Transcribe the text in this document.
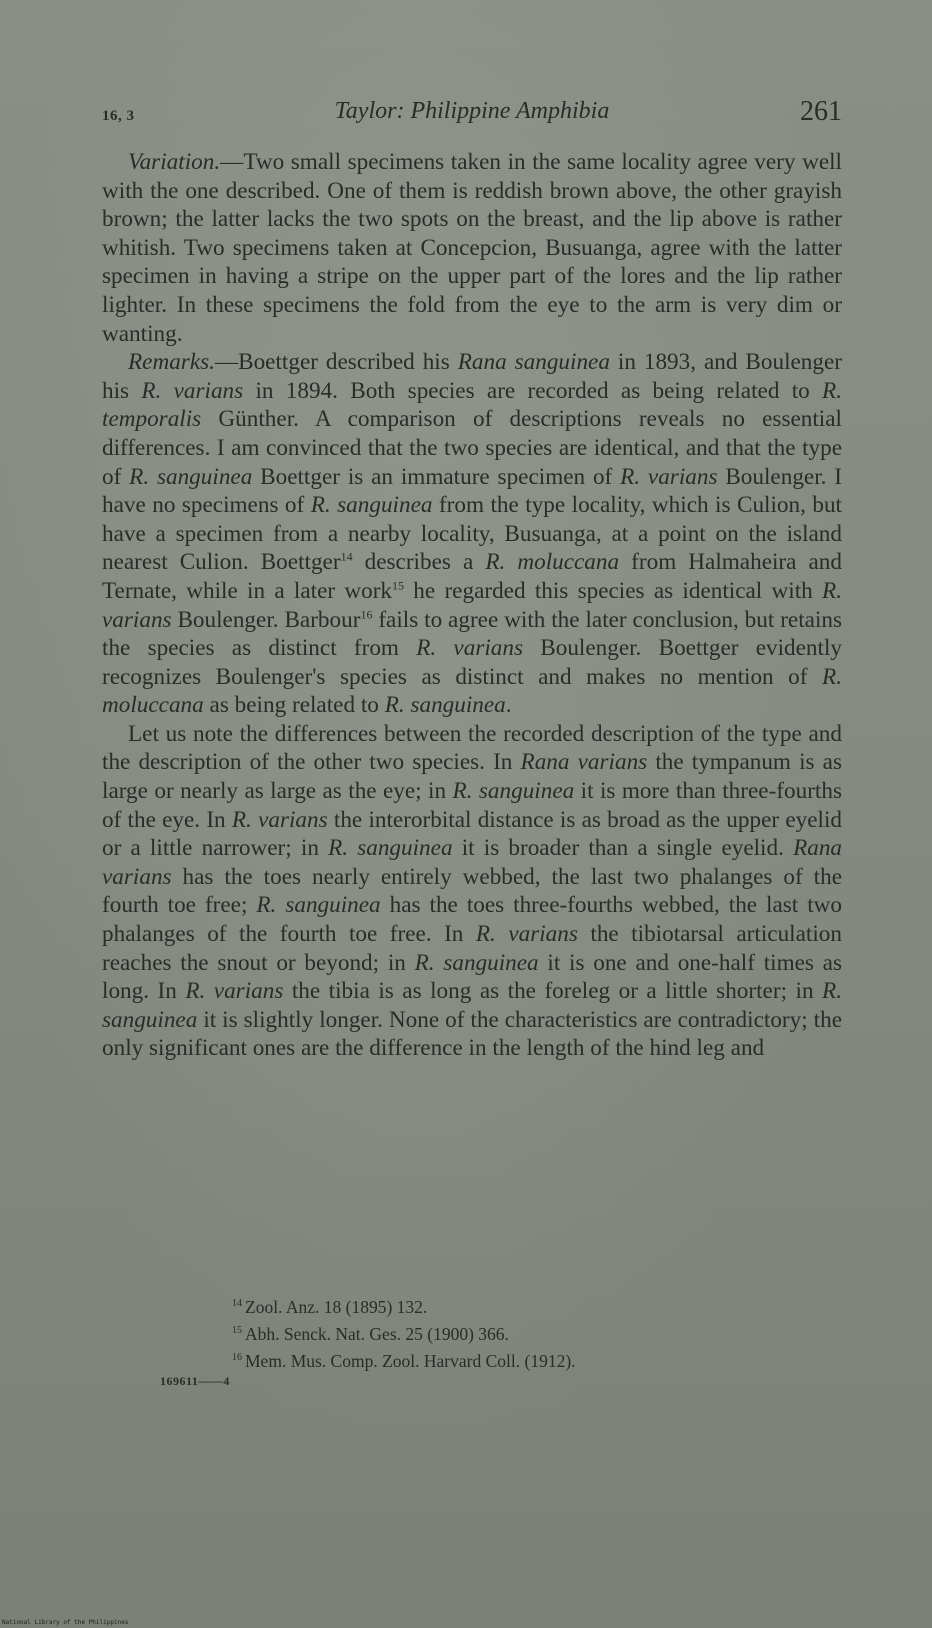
16, 3	Taylor: Philippine Amphibia	261

Variation.—Two small specimens taken in the same locality agree very well with the one described. One of them is reddish brown above, the other grayish brown; the latter lacks the two spots on the breast, and the lip above is rather whitish. Two specimens taken at Concepcion, Busuanga, agree with the latter specimen in having a stripe on the upper part of the lores and the lip rather lighter. In these specimens the fold from the eye to the arm is very dim or wanting.

Remarks.—Boettger described his Rana sanguinea in 1893, and Boulenger his R. varians in 1894. Both species are recorded as being related to R. temporalis Günther. A comparison of descriptions reveals no essential differences. I am convinced that the two species are identical, and that the type of R. sanguinea Boettger is an immature specimen of R. varians Boulenger. I have no specimens of R. sanguinea from the type locality, which is Culion, but have a specimen from a nearby locality, Busuanga, at a point on the island nearest Culion. Boettger$^{14}$ describes a R. moluccana from Halmaheira and Ternate, while in a later work$^{15}$ he regarded this species as identical with R. varians Boulenger. Barbour$^{16}$ fails to agree with the later conclusion, but retains the species as distinct from R. varians Boulenger. Boettger evidently recognizes Boulenger's species as distinct and makes no mention of R. moluccana as being related to R. sanguinea.

Let us note the differences between the recorded description of the type and the description of the other two species. In Rana varians the tympanum is as large or nearly as large as the eye; in R. sanguinea it is more than three-fourths of the eye. In R. varians the interorbital distance is as broad as the upper eyelid or a little narrower; in R. sanguinea it is broader than a single eyelid. Rana varians has the toes nearly entirely webbed, the last two phalanges of the fourth toe free; R. sanguinea has the toes three-fourths webbed, the last two phalanges of the fourth toe free. In R. varians the tibiotarsal articulation reaches the snout or beyond; in R. sanguinea it is one and one-half times as long. In R. varians the tibia is as long as the foreleg or a little shorter; in R. sanguinea it is slightly longer. None of the characteristics are contradictory; the only significant ones are the difference in the length of the hind leg and

$^{14}$ Zool. Anz. 18 (1895) 132.
$^{15}$ Abh. Senck. Nat. Ges. 25 (1900) 366.
$^{16}$ Mem. Mus. Comp. Zool. Harvard Coll. (1912).
169611——4
National Library of the Philippines
